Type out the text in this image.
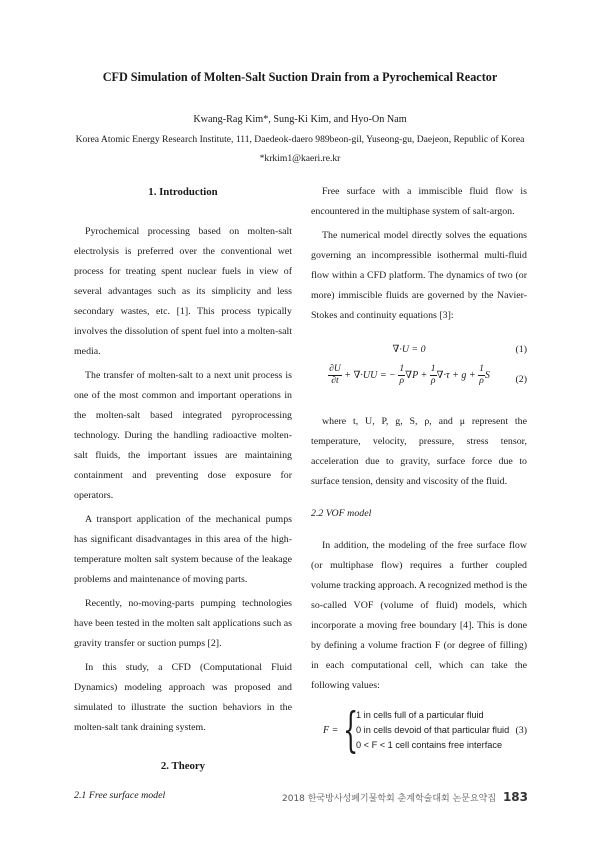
CFD Simulation of Molten-Salt Suction Drain from a Pyrochemical Reactor
Kwang-Rag Kim*, Sung-Ki Kim, and Hyo-On Nam
Korea Atomic Energy Research Institute, 111, Daedeok-daero 989beon-gil, Yuseong-gu, Daejeon, Republic of Korea
*krkim1@kaeri.re.kr

1. Introduction

Pyrochemical processing based on molten-salt electrolysis is preferred over the conventional wet process for treating spent nuclear fuels in view of several advantages such as its simplicity and less secondary wastes, etc. [1]. This process typically involves the dissolution of spent fuel into a molten-salt media.

The transfer of molten-salt to a next unit process is one of the most common and important operations in the molten-salt based integrated pyroprocessing technology. During the handling radioactive molten-salt fluids, the important issues are maintaining containment and preventing dose exposure for operators.

A transport application of the mechanical pumps has significant disadvantages in this area of the high-temperature molten salt system because of the leakage problems and maintenance of moving parts.

Recently, no-moving-parts pumping technologies have been tested in the molten salt applications such as gravity transfer or suction pumps [2].

In this study, a CFD (Computational Fluid Dynamics) modeling approach was proposed and simulated to illustrate the suction behaviors in the molten-salt tank draining system.

2. Theory

2.1 Free surface model

Free surface with a immiscible fluid flow is encountered in the multiphase system of salt-argon.

The numerical model directly solves the equations governing an incompressible isothermal multi-fluid flow within a CFD platform. The dynamics of two (or more) immiscible fluids are governed by the Navier-Stokes and continuity equations [3]:

∇·U = 0	(1)
$\frac{\partial U}{\partial t} + \nabla\cdot UU$ = − $\frac{1}{\rho} \nabla P + \frac{1}{\rho} \nabla\cdot\tau + g + \frac{1}{\rho}$ S	(2)

where t, U, P, g, S, ρ, and μ represent the temperature, velocity, pressure, stress tensor, acceleration due to gravity, surface force due to surface tension, density and viscosity of the fluid.

2.2 VOF model

In addition, the modeling of the free surface flow (or multiphase flow) requires a further coupled volume tracking approach. A recognized method is the so-called VOF (volume of fluid) models, which incorporate a moving free boundary [4]. This is done by defining a volume fraction F (or degree of filling) in each computational cell, which can take the following values:

F = {
1 in cells full of a particular fluid
0 in cells devoid of that particular fluid
0 < F < 1 cell contains free interface
(3)
2018 한국방사성폐기물학회 춘계학술대회 논문요약집 183
